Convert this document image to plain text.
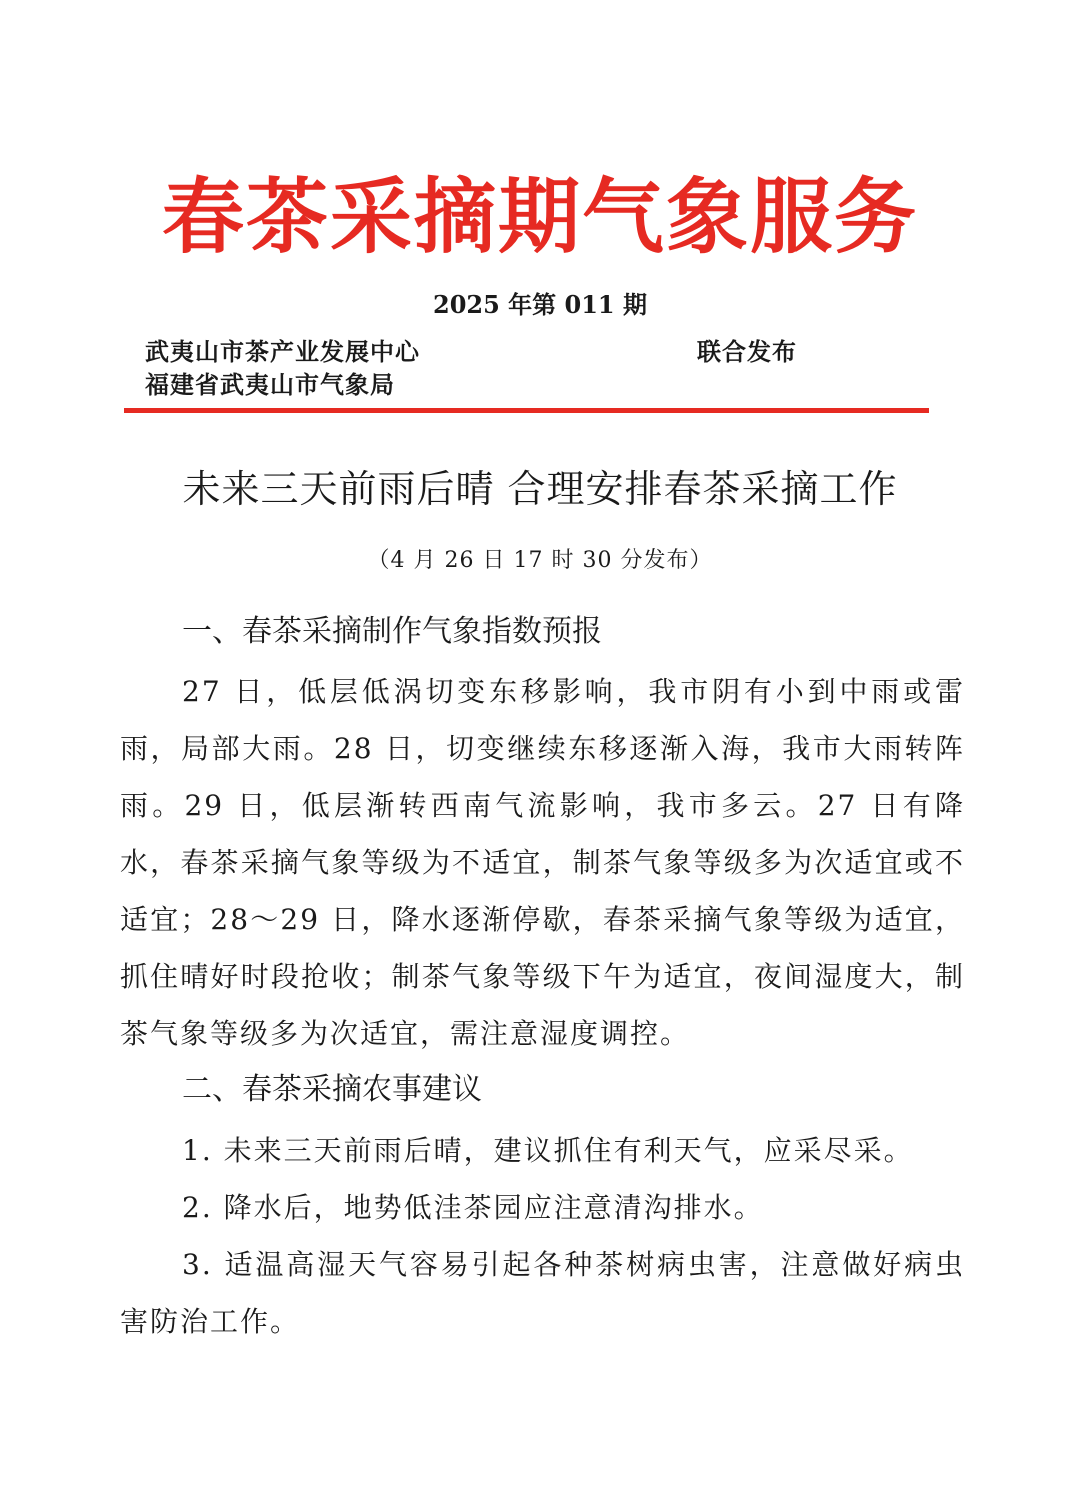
春茶采摘期气象服务
2025 年第 011 期
武夷山市茶产业发展中心
福建省武夷山市气象局
联合发布
未来三天前雨后晴 合理安排春茶采摘工作
（4 月 26 日 17 时 30 分发布）
一、春茶采摘制作气象指数预报

27 日，低层低涡切变东移影响，我市阴有小到中雨或雷雨，局部大雨。28 日，切变继续东移逐渐入海，我市大雨转阵雨。29 日，低层渐转西南气流影响，我市多云。27 日有降水，春茶采摘气象等级为不适宜，制茶气象等级多为次适宜或不适宜；28～29 日，降水逐渐停歇，春茶采摘气象等级为适宜，抓住晴好时段抢收；制茶气象等级下午为适宜，夜间湿度大，制茶气象等级多为次适宜，需注意湿度调控。

二、春茶采摘农事建议

1. 未来三天前雨后晴，建议抓住有利天气，应采尽采。

2. 降水后，地势低洼茶园应注意清沟排水。

3. 适温高湿天气容易引起各种茶树病虫害，注意做好病虫害防治工作。
